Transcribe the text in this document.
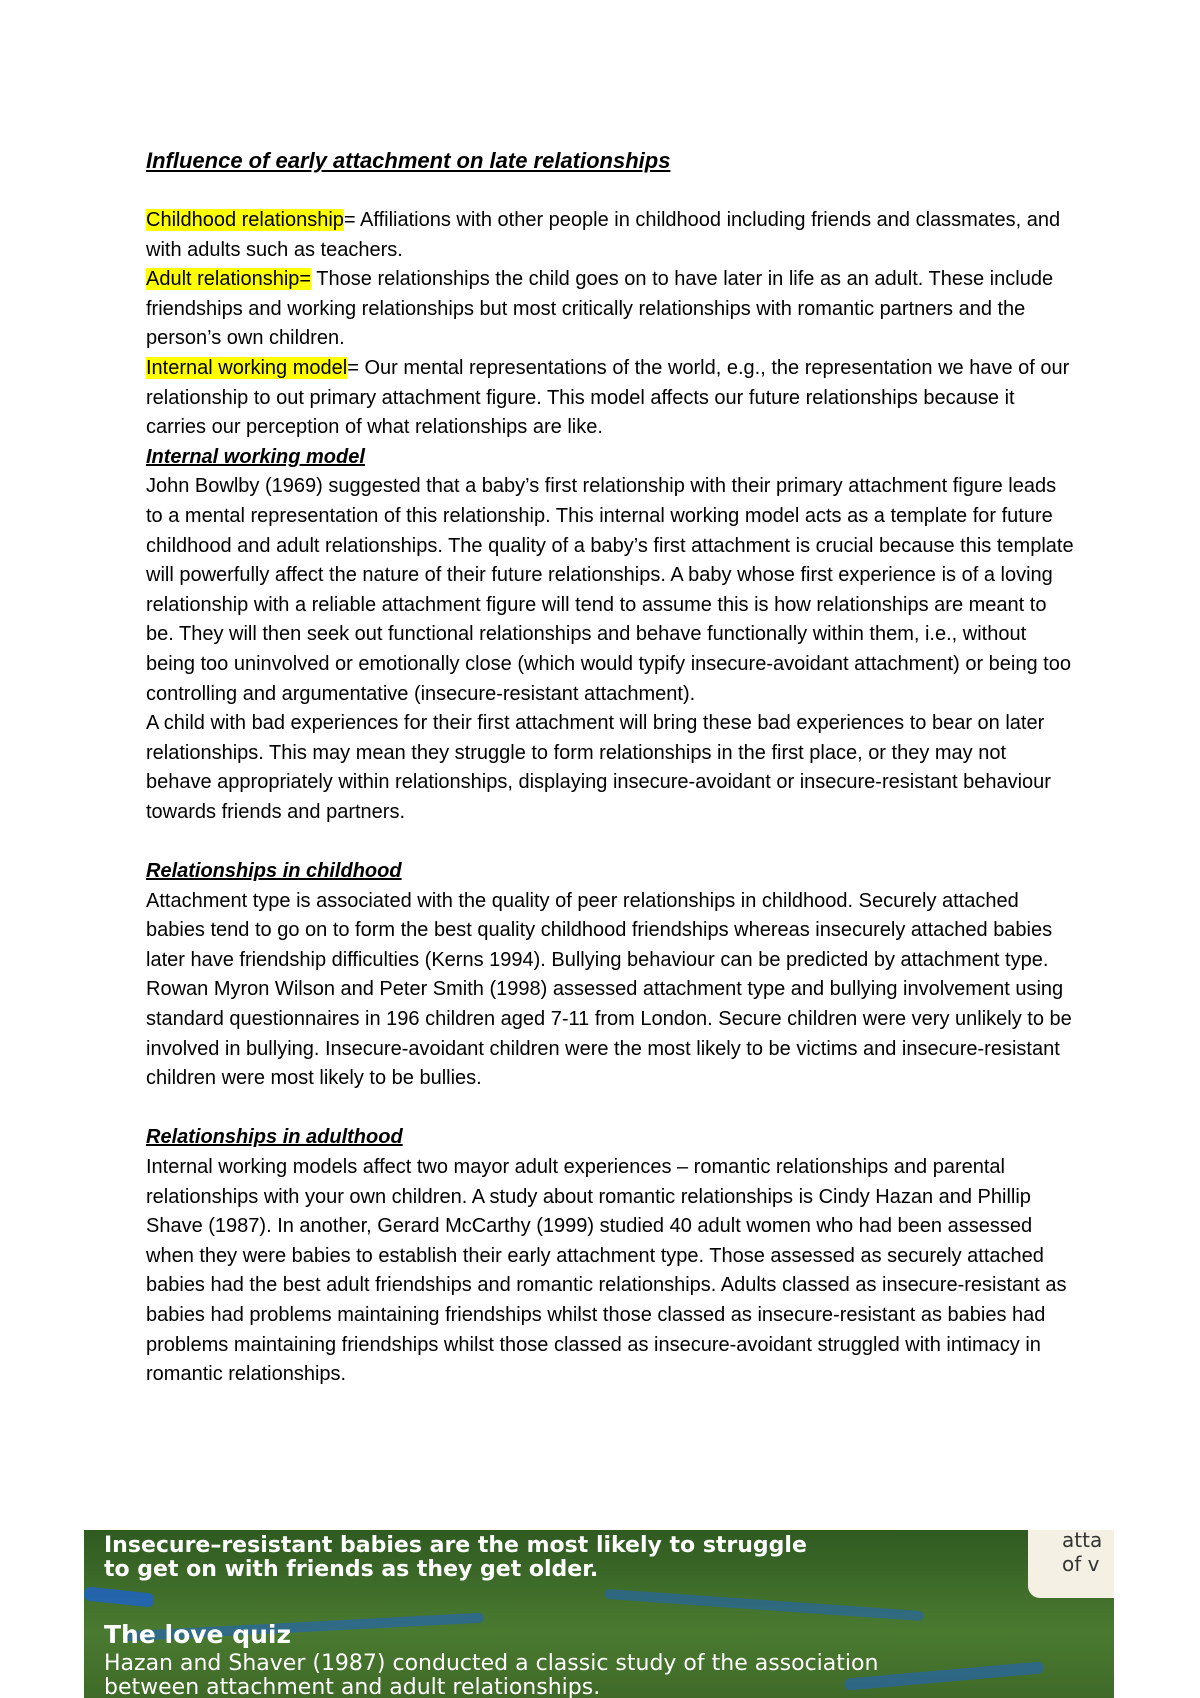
Influence of early attachment on late relationships

Childhood relationship= Affiliations with other people in childhood including friends and classmates, and with adults such as teachers.

Adult relationship= Those relationships the child goes on to have later in life as an adult. These include friendships and working relationships but most critically relationships with romantic partners and the person’s own children.

Internal working model= Our mental representations of the world, e.g., the representation we have of our relationship to out primary attachment figure. This model affects our future relationships because it carries our perception of what relationships are like.

Internal working model

John Bowlby (1969) suggested that a baby’s first relationship with their primary attachment figure leads to a mental representation of this relationship. This internal working model acts as a template for future childhood and adult relationships. The quality of a baby’s first attachment is crucial because this template will powerfully affect the nature of their future relationships. A baby whose first experience is of a loving relationship with a reliable attachment figure will tend to assume this is how relationships are meant to be. They will then seek out functional relationships and behave functionally within them, i.e., without being too uninvolved or emotionally close (which would typify insecure-avoidant attachment) or being too controlling and argumentative (insecure-resistant attachment).

A child with bad experiences for their first attachment will bring these bad experiences to bear on later relationships. This may mean they struggle to form relationships in the first place, or they may not behave appropriately within relationships, displaying insecure-avoidant or insecure-resistant behaviour towards friends and partners.

Relationships in childhood

Attachment type is associated with the quality of peer relationships in childhood. Securely attached babies tend to go on to form the best quality childhood friendships whereas insecurely attached babies later have friendship difficulties (Kerns 1994). Bullying behaviour can be predicted by attachment type. Rowan Myron Wilson and Peter Smith (1998) assessed attachment type and bullying involvement using standard questionnaires in 196 children aged 7-11 from London. Secure children were very unlikely to be involved in bullying. Insecure-avoidant children were the most likely to be victims and insecure-resistant children were most likely to be bullies.

Relationships in adulthood

Internal working models affect two mayor adult experiences – romantic relationships and parental relationships with your own children. A study about romantic relationships is Cindy Hazan and Phillip Shave (1987). In another, Gerard McCarthy (1999) studied 40 adult women who had been assessed when they were babies to establish their early attachment type. Those assessed as securely attached babies had the best adult friendships and romantic relationships. Adults classed as insecure-resistant as babies had problems maintaining friendships whilst those classed as insecure-resistant as babies had problems maintaining friendships whilst those classed as insecure-avoidant struggled with intimacy in romantic relationships.

atta
of v
Insecure–resistant babies are the most likely to struggle
to get on with friends as they get older.
The love quiz
Hazan and Shaver (1987) conducted a classic study of the association
between attachment and adult relationships.
